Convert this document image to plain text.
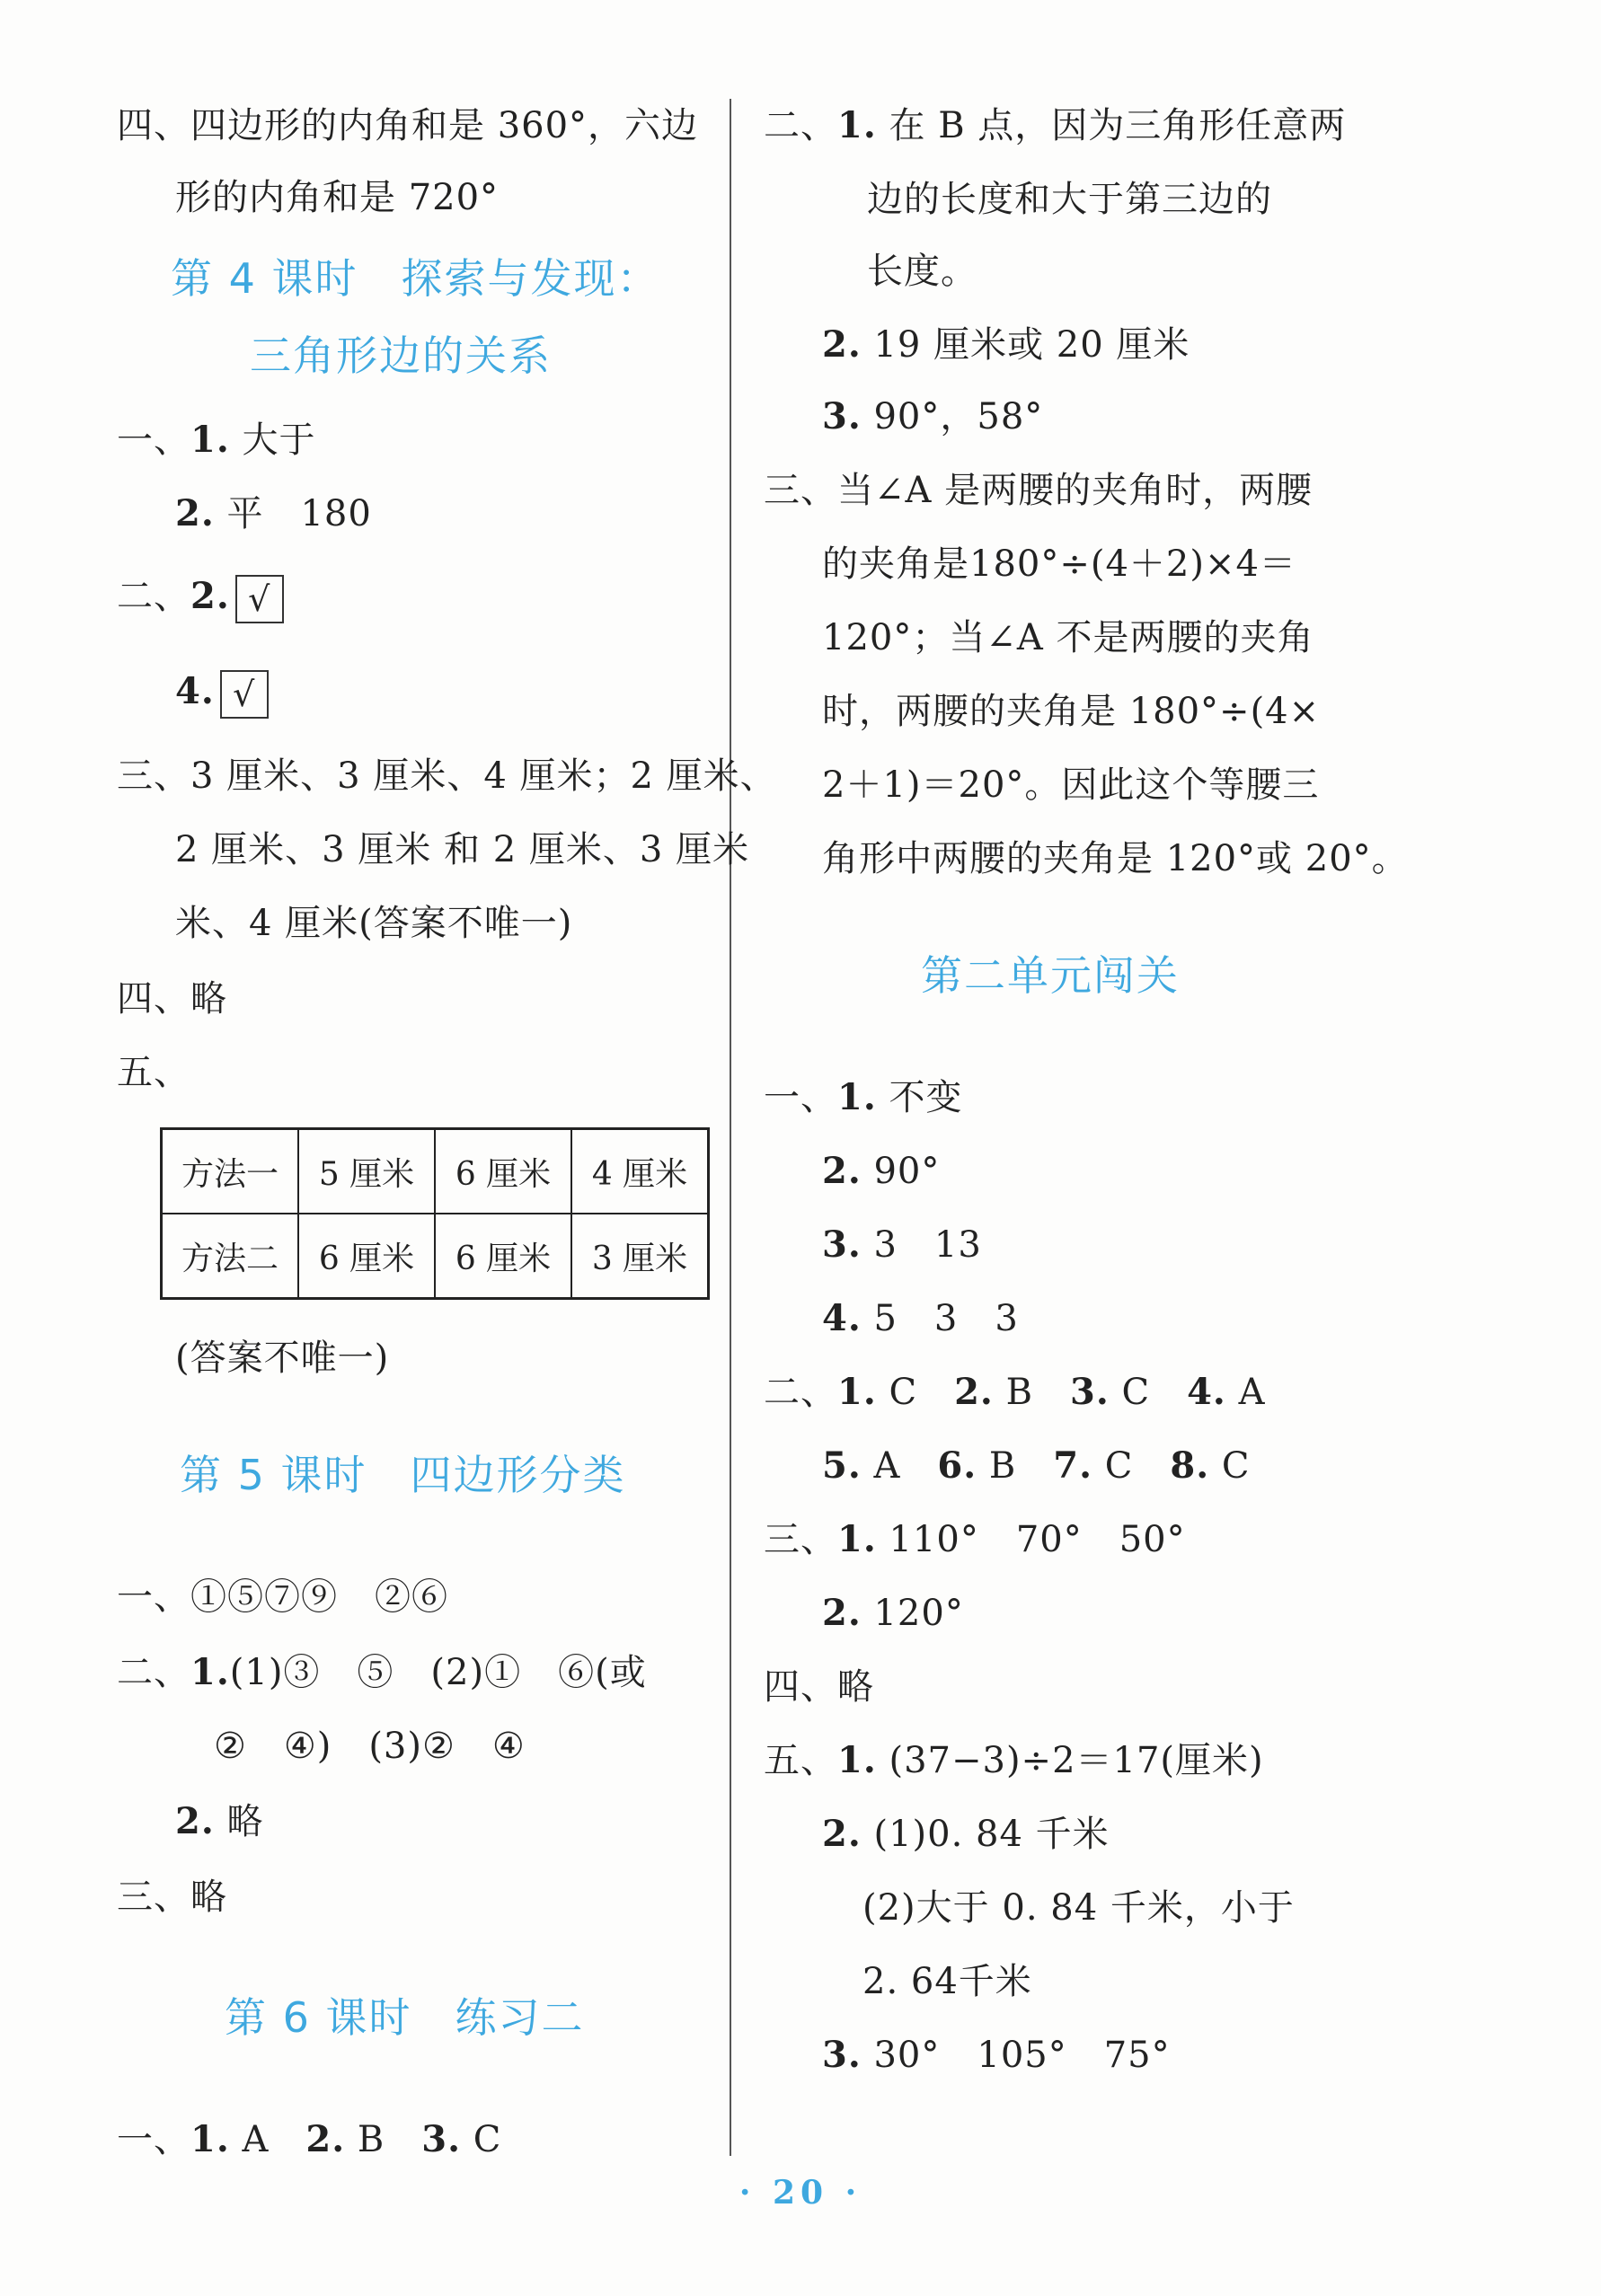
四、四边形的内角和是 360°，六边
形的内角和是 720°
第 4 课时　探索与发现：
三角形边的关系
一、1. 大于
2. 平　180
二、2. √
4. √
三、3 厘米、3 厘米、4 厘米；2 厘米、
2 厘米、3 厘米 和 2 厘米、3 厘米
米、4 厘米(答案不唯一)
四、略
五、
方法一	5 厘米	6 厘米	4 厘米
方法二	6 厘米	6 厘米	3 厘米
(答案不唯一)
第 5 课时　四边形分类
一、①⑤⑦⑨　②⑥
二、1.(1)③　⑤　(2)①　⑥(或
②　④)　(3)②　④
2. 略
三、略
第 6 课时　练习二
一、1. A  2. B  3. C
二、1. 在 B 点，因为三角形任意两
边的长度和大于第三边的
长度。
2. 19 厘米或 20 厘米
3. 90°，58°
三、当∠A 是两腰的夹角时，两腰
的夹角是180°÷(4＋2)×4＝
120°；当∠A 不是两腰的夹角
时，两腰的夹角是 180°÷(4×
2＋1)＝20°。因此这个等腰三
角形中两腰的夹角是 120°或 20°。
第二单元闯关
一、1. 不变
2. 90°
3. 3　13
4. 5　3　3
二、1. C  2. B  3. C  4. A
5. A  6. B  7. C  8. C
三、1. 110°　70°　50°
2. 120°
四、略
五、1. (37−3)÷2＝17(厘米)
2. (1)0. 84 千米
(2)大于 0. 84 千米，小于
2. 64千米
3. 30°　105°　75°
· 20 ·
